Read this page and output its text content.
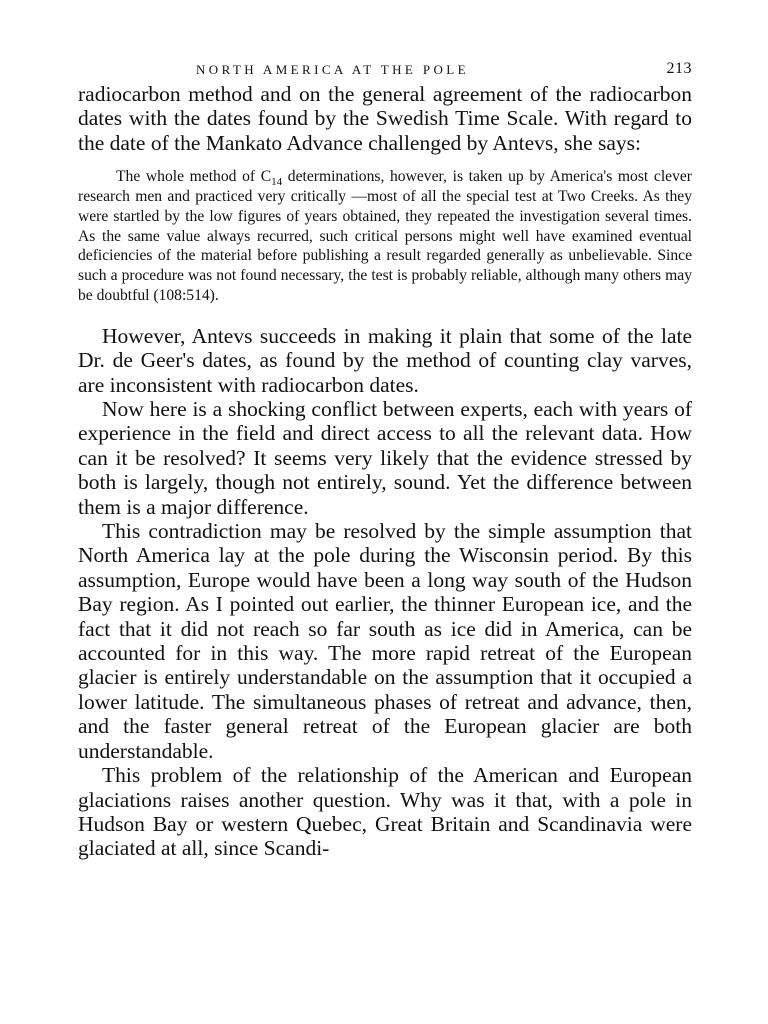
NORTH AMERICA AT THE POLE	213

radiocarbon method and on the general agreement of the radiocarbon dates with the dates found by the Swedish Time Scale. With regard to the date of the Mankato Advance challenged by Antevs, she says:

The whole method of $C_{14}$ determinations, however, is taken up by America's most clever research men and practiced very critically —most of all the special test at Two Creeks. As they were startled by the low figures of years obtained, they repeated the investigation several times. As the same value always recurred, such critical persons might well have examined eventual deficiencies of the material before publishing a result regarded generally as unbelievable. Since such a procedure was not found necessary, the test is probably reliable, although many others may be doubtful (108:514).

However, Antevs succeeds in making it plain that some of the late Dr. de Geer's dates, as found by the method of counting clay varves, are inconsistent with radiocarbon dates.

Now here is a shocking conflict between experts, each with years of experience in the field and direct access to all the relevant data. How can it be resolved? It seems very likely that the evidence stressed by both is largely, though not entirely, sound. Yet the difference between them is a major difference.

This contradiction may be resolved by the simple assumption that North America lay at the pole during the Wisconsin period. By this assumption, Europe would have been a long way south of the Hudson Bay region. As I pointed out earlier, the thinner European ice, and the fact that it did not reach so far south as ice did in America, can be accounted for in this way. The more rapid retreat of the European glacier is entirely understandable on the assumption that it occupied a lower latitude. The simultaneous phases of retreat and advance, then, and the faster general retreat of the European glacier are both understandable.

This problem of the relationship of the American and European glaciations raises another question. Why was it that, with a pole in Hudson Bay or western Quebec, Great Britain and Scandinavia were glaciated at all, since Scandi-
